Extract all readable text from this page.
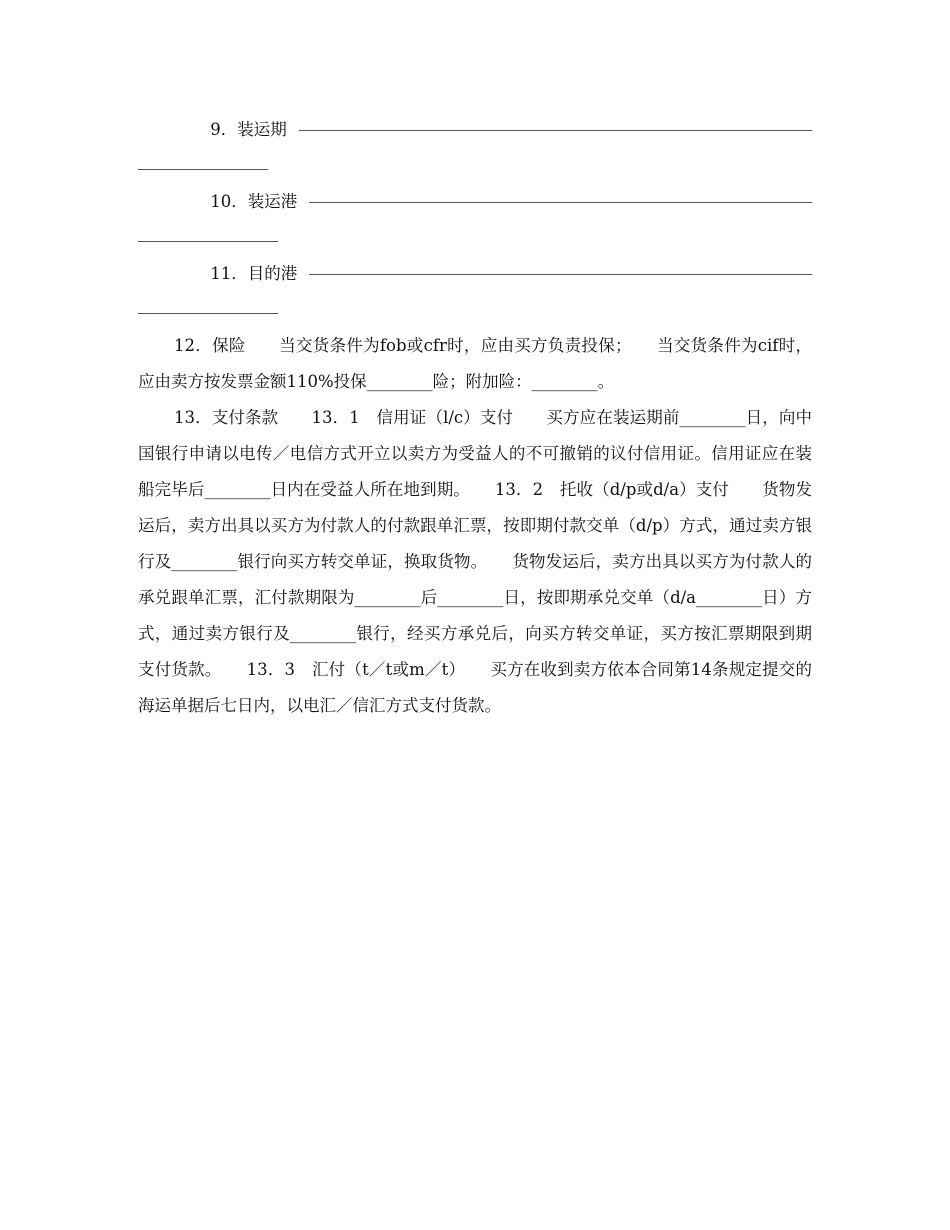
9．装运期
10．装运港
11．目的港

12．保险　　当交货条件为fob或cfr时，应由买方负责投保；　　当交货条件为cif时，应由卖方按发票金额110%投保________险；附加险：________。

13．支付条款　　13．1　信用证（l/c）支付　　买方应在装运期前________日，向中国银行申请以电传／电信方式开立以卖方为受益人的不可撤销的议付信用证。信用证应在装船完毕后________日内在受益人所在地到期。　　13．2　托收（d/p或d/a）支付　　货物发运后，卖方出具以买方为付款人的付款跟单汇票，按即期付款交单（d/p）方式，通过卖方银行及________银行向买方转交单证，换取货物。　　货物发运后，卖方出具以买方为付款人的承兑跟单汇票，汇付款期限为________后________日，按即期承兑交单（d/a________日）方式，通过卖方银行及________银行，经买方承兑后，向买方转交单证，买方按汇票期限到期支付货款。　　13．3　汇付（t／t或m／t）　　买方在收到卖方依本合同第14条规定提交的海运单据后七日内，以电汇／信汇方式支付货款。
